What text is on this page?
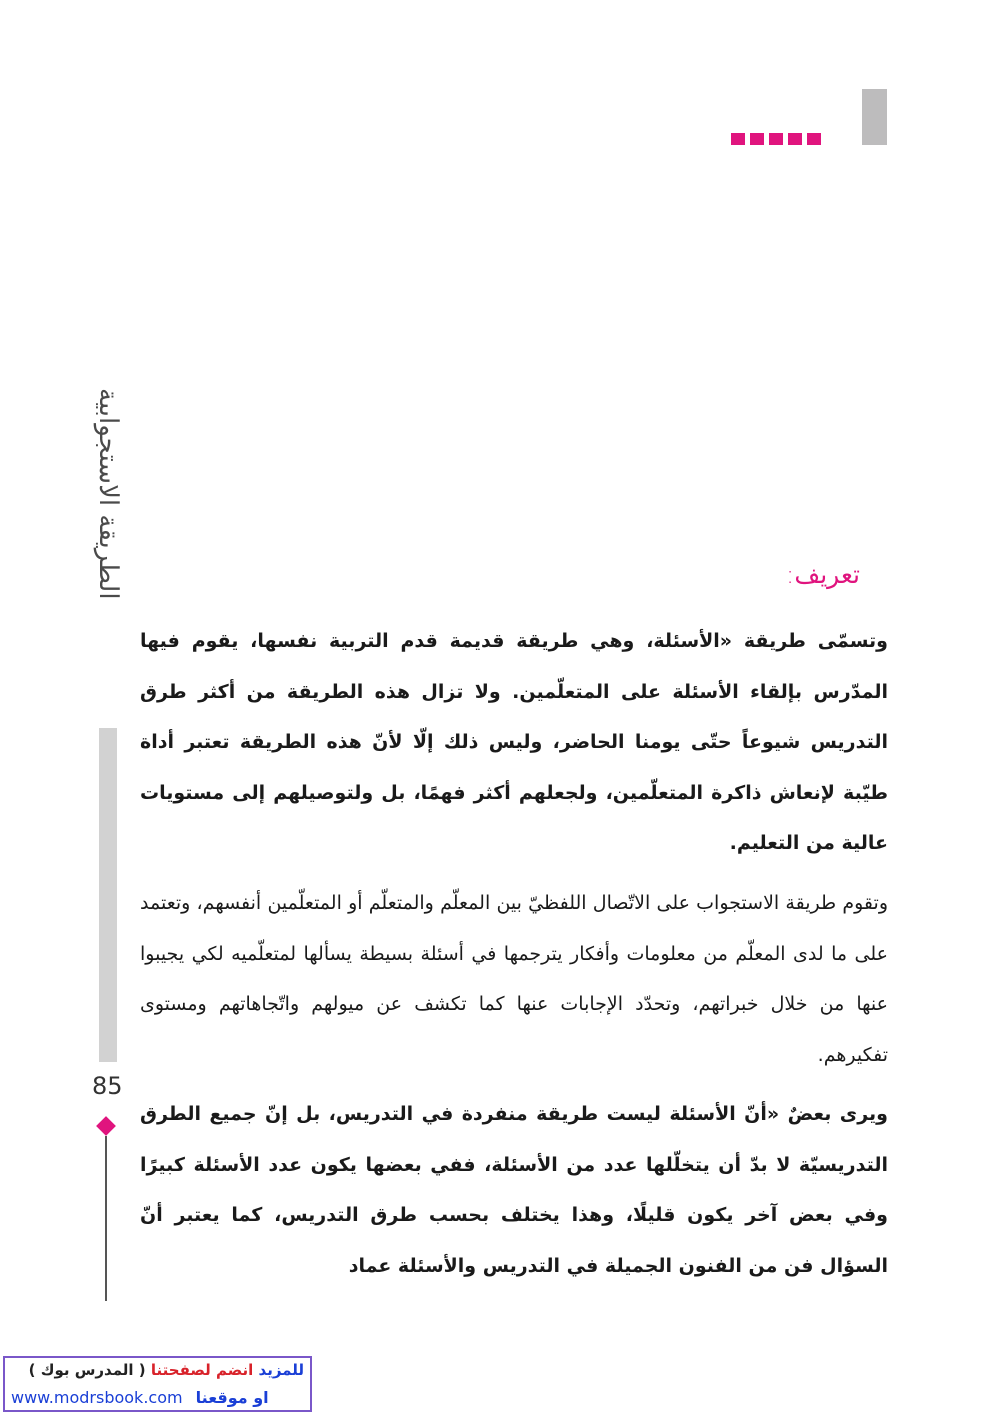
الطريقة الاستجوابية
85
تعريف:

وتسمّى طريقة «الأسئلة، وهي طريقة قديمة قدم التربية نفسها، يقوم فيها المدّرس بإلقاء الأسئلة على المتعلّمين. ولا تزال هذه الطريقة من أكثر طرق التدريس شيوعاً حتّى يومنا الحاضر، وليس ذلك إلّا لأنّ هذه الطريقة تعتبر أداة طيّبة لإنعاش ذاكرة المتعلّمين، ولجعلهم أكثر فهمًا، بل ولتوصيلهم إلى مستويات عالية من التعليم.

وتقوم طريقة الاستجواب على الاتّصال اللفظيّ بين المعلّم والمتعلّم أو المتعلّمين أنفسهم، وتعتمد على ما لدى المعلّم من معلومات وأفكار يترجمها في أسئلة بسيطة يسألها لمتعلّميه لكي يجيبوا عنها من خلال خبراتهم، وتحدّد الإجابات عنها كما تكشف عن ميولهم واتّجاهاتهم ومستوى تفكيرهم.

ويرى بعضٌ «أنّ الأسئلة ليست طريقة منفردة في التدريس، بل إنّ جميع الطرق التدريسيّة لا بدّ أن يتخلّلها عدد من الأسئلة، ففي بعضها يكون عدد الأسئلة كبيرًا وفي بعض آخر يكون قليلًا، وهذا يختلف بحسب طرق التدريس، كما يعتبر أنّ السؤال فن من الفنون الجميلة في التدريس والأسئلة عماد

للمزيد انضم لصفحتنا ( المدرس بوك )
www.modrsbook.com او موقعنا
